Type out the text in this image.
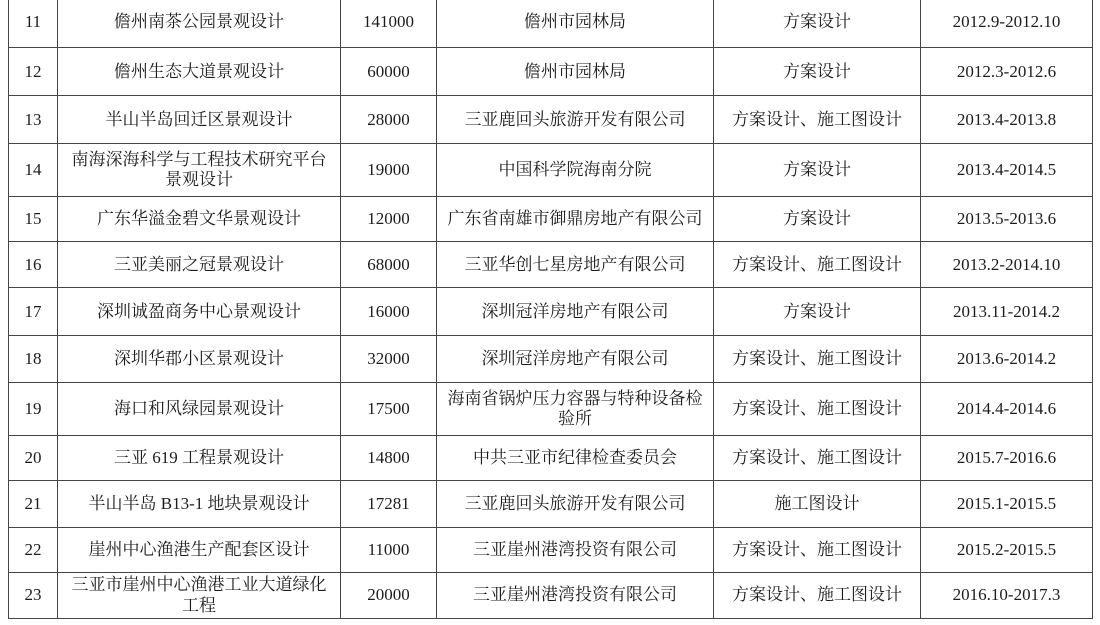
11	儋州南茶公园景观设计	141000	儋州市园林局	方案设计	2012.9-2012.10
12	儋州生态大道景观设计	60000	儋州市园林局	方案设计	2012.3-2012.6
13	半山半岛回迁区景观设计	28000	三亚鹿回头旅游开发有限公司	方案设计、施工图设计	2013.4-2013.8
14	南海深海科学与工程技术研究平台景观设计	19000	中国科学院海南分院	方案设计	2013.4-2014.5
15	广东华溢金碧文华景观设计	12000	广东省南雄市御鼎房地产有限公司	方案设计	2013.5-2013.6
16	三亚美丽之冠景观设计	68000	三亚华创七星房地产有限公司	方案设计、施工图设计	2013.2-2014.10
17	深圳诚盈商务中心景观设计	16000	深圳冠洋房地产有限公司	方案设计	2013.11-2014.2
18	深圳华郡小区景观设计	32000	深圳冠洋房地产有限公司	方案设计、施工图设计	2013.6-2014.2
19	海口和风绿园景观设计	17500	海南省锅炉压力容器与特种设备检验所	方案设计、施工图设计	2014.4-2014.6
20	三亚 619 工程景观设计	14800	中共三亚市纪律检查委员会	方案设计、施工图设计	2015.7-2016.6
21	半山半岛 B13-1 地块景观设计	17281	三亚鹿回头旅游开发有限公司	施工图设计	2015.1-2015.5
22	崖州中心渔港生产配套区设计	11000	三亚崖州港湾投资有限公司	方案设计、施工图设计	2015.2-2015.5
23	三亚市崖州中心渔港工业大道绿化工程	20000	三亚崖州港湾投资有限公司	方案设计、施工图设计	2016.10-2017.3
